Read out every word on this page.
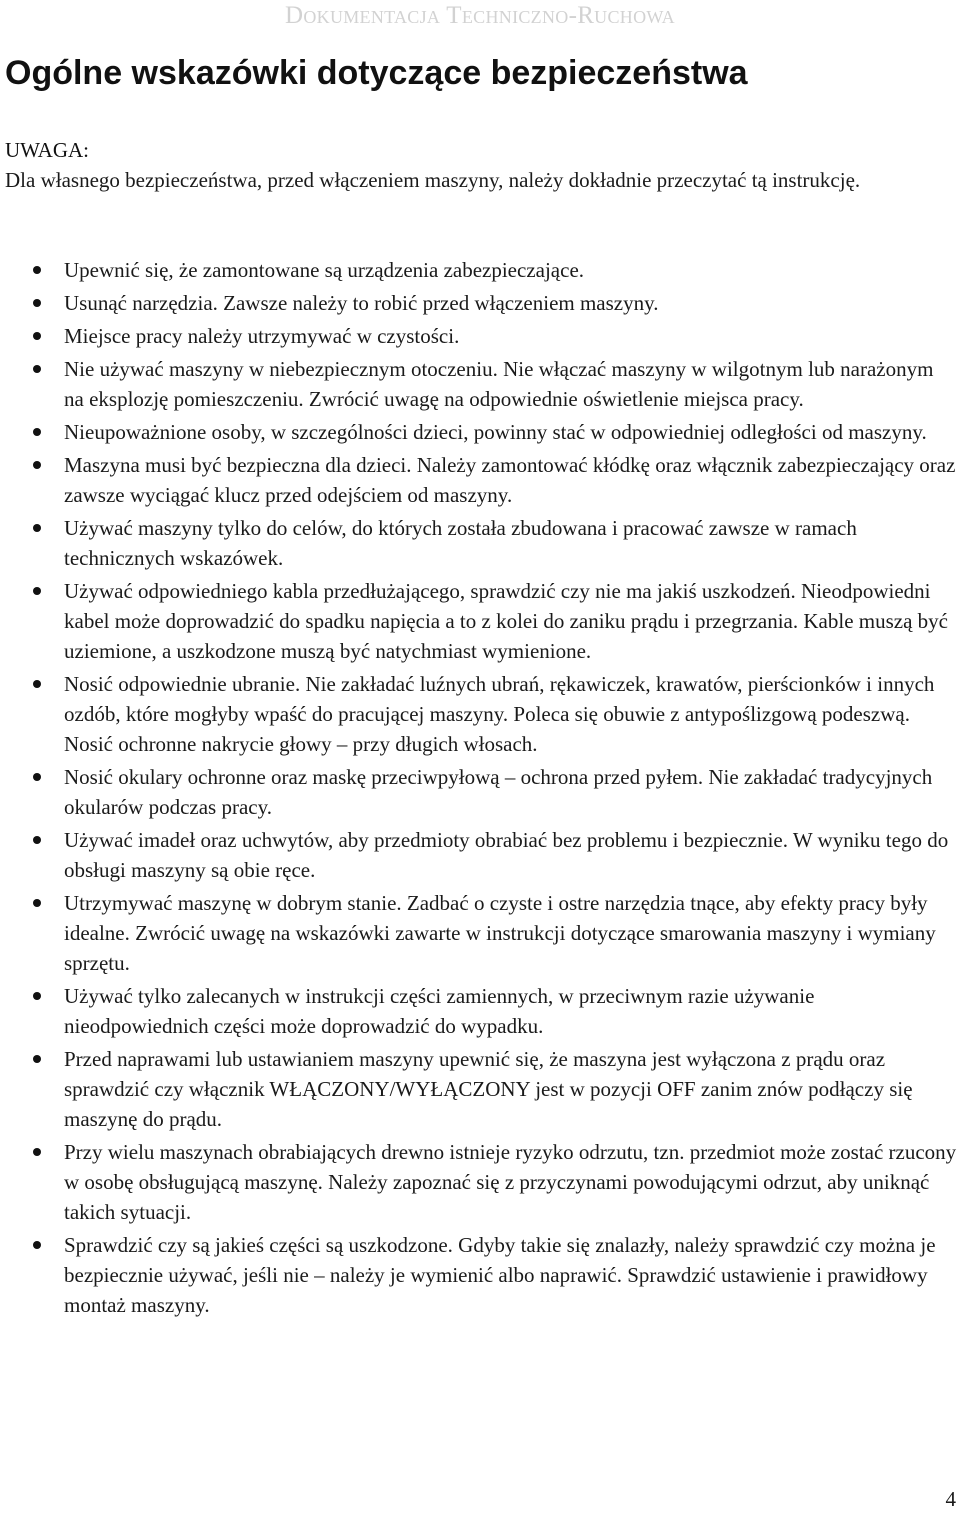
Dokumentacja Techniczno-Ruchowa
Ogólne wskazówki dotyczące bezpieczeństwa
UWAGA:
Dla własnego bezpieczeństwa, przed włączeniem maszyny, należy dokładnie przeczytać tą instrukcję.
Upewnić się, że zamontowane są urządzenia zabezpieczające.
Usunąć narzędzia. Zawsze należy to robić przed włączeniem maszyny.
Miejsce pracy należy utrzymywać w czystości.
Nie używać maszyny w niebezpiecznym otoczeniu. Nie włączać maszyny w wilgotnym lub narażonym na eksplozję pomieszczeniu. Zwrócić uwagę na odpowiednie oświetlenie miejsca pracy.
Nieupoważnione osoby, w szczególności dzieci, powinny stać w odpowiedniej odległości od maszyny.
Maszyna musi być bezpieczna dla dzieci. Należy zamontować kłódkę oraz włącznik zabezpieczający oraz zawsze wyciągać klucz przed odejściem od maszyny.
Używać maszyny tylko do celów, do których została zbudowana i pracować zawsze w ramach technicznych wskazówek.
Używać odpowiedniego kabla przedłużającego, sprawdzić czy nie ma jakiś uszkodzeń. Nieodpowiedni kabel może doprowadzić do spadku napięcia a to z kolei do zaniku prądu i przegrzania. Kable muszą być uziemione, a uszkodzone muszą być natychmiast wymienione.
Nosić odpowiednie ubranie. Nie zakładać luźnych ubrań, rękawiczek, krawatów, pierścionków i innych ozdób, które mogłyby wpaść do pracującej maszyny. Poleca się obuwie z antypoślizgową podeszwą. Nosić ochronne nakrycie głowy – przy długich włosach.
Nosić okulary ochronne oraz maskę przeciwpyłową – ochrona przed pyłem. Nie zakładać tradycyjnych okularów podczas pracy.
Używać imadeł oraz uchwytów, aby przedmioty obrabiać bez problemu i bezpiecznie. W wyniku tego do obsługi maszyny są obie ręce.
Utrzymywać maszynę w dobrym stanie. Zadbać o czyste i ostre narzędzia tnące, aby efekty pracy były idealne. Zwrócić uwagę na wskazówki zawarte w instrukcji dotyczące smarowania maszyny i wymiany sprzętu.
Używać tylko zalecanych w instrukcji części zamiennych, w przeciwnym razie używanie nieodpowiednich części może doprowadzić do wypadku.
Przed naprawami lub ustawianiem maszyny upewnić się, że maszyna jest wyłączona z prądu oraz sprawdzić czy włącznik WŁĄCZONY/WYŁĄCZONY jest w pozycji OFF zanim znów podłączy się maszynę do prądu.
Przy wielu maszynach obrabiających drewno istnieje ryzyko odrzutu, tzn. przedmiot może zostać rzucony w osobę obsługującą maszynę. Należy zapoznać się z przyczynami powodującymi odrzut, aby uniknąć takich sytuacji.
Sprawdzić czy są jakieś części są uszkodzone. Gdyby takie się znalazły, należy sprawdzić czy można je bezpiecznie używać, jeśli nie – należy je wymienić albo naprawić. Sprawdzić ustawienie i prawidłowy montaż maszyny.
4
